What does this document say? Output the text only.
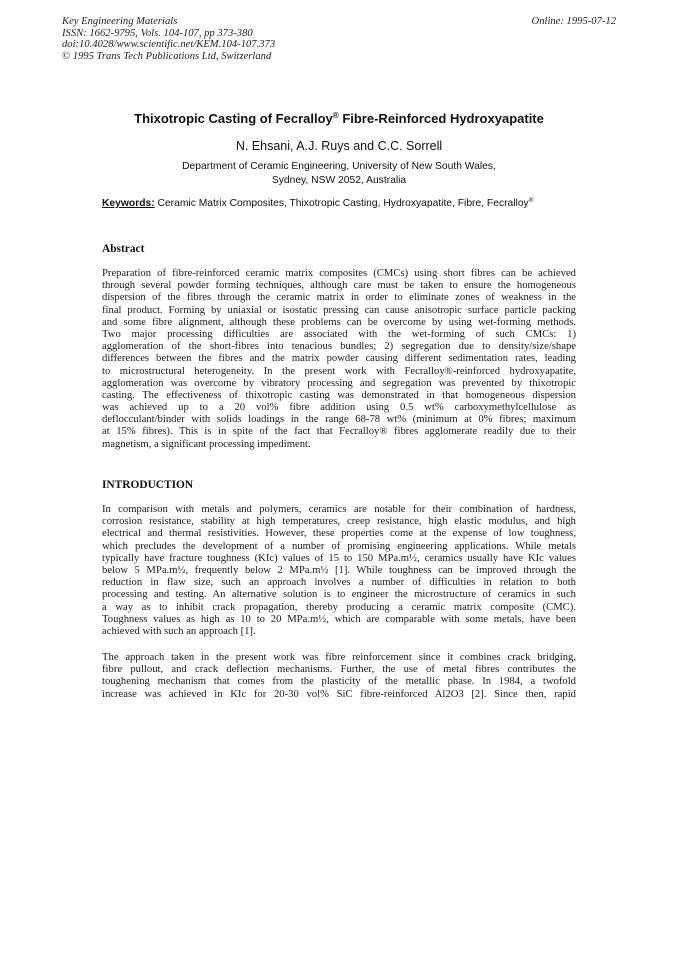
Key Engineering Materials
ISSN: 1662-9795, Vols. 104-107, pp 373-380
doi:10.4028/www.scientific.net/KEM.104-107.373
© 1995 Trans Tech Publications Ltd, Switzerland
Online: 1995-07-12
Thixotropic Casting of Fecralloy® Fibre-Reinforced Hydroxyapatite
N. Ehsani, A.J. Ruys and C.C. Sorrell
Department of Ceramic Engineering, University of New South Wales,
Sydney, NSW 2052, Australia
Keywords: Ceramic Matrix Composites, Thixotropic Casting, Hydroxyapatite, Fibre, Fecralloy®
Abstract
Preparation of fibre-reinforced ceramic matrix composites (CMCs) using short fibres can be achieved
through several powder forming techniques, although care must be taken to ensure the homogeneous
dispersion of the fibres through the ceramic matrix in order to eliminate zones of weakness in the
final product. Forming by uniaxial or isostatic pressing can cause anisotropic surface particle packing
and some fibre alignment, although these problems can be overcome by using wet-forming methods.
Two major processing difficulties are associated with the wet-forming of such CMCs: 1)
agglomeration of the short-fibres into tenacious bundles; 2) segregation due to density/size/shape
differences between the fibres and the matrix powder causing different sedimentation rates, leading
to microstructural heterogeneity. In the present work with Fecralloy®-reinforced hydroxyapatite,
agglomeration was overcome by vibratory processing and segregation was prevented by thixotropic
casting. The effectiveness of thixotropic casting was demonstrated in that homogeneous dispersion
was achieved up to a 20 vol% fibre addition using 0.5 wt% carboxymethylcellulose as
deflocculant/binder with solids loadings in the range 68-78 wt% (minimum at 0% fibres; maximum
at 15% fibres). This is in spite of the fact that Fecralloy® fibres agglomerate readily due to their
magnetism, a significant processing impediment.
INTRODUCTION
In comparison with metals and polymers, ceramics are notable for their combination of hardness,
corrosion resistance, stability at high temperatures, creep resistance, high elastic modulus, and high
electrical and thermal resistivities. However, these properties come at the expense of low toughness,
which precludes the development of a number of promising engineering applications. While metals
typically have fracture toughness (KIc) values of 15 to 150 MPa.m½, ceramics usually have KIc values
below 5 MPa.m½, frequently below 2 MPa.m½ [1]. While toughness can be improved through the
reduction in flaw size, such an approach involves a number of difficulties in relation to both
processing and testing. An alternative solution is to engineer the microstructure of ceramics in such
a way as to inhibit crack propagation, thereby producing a ceramic matrix composite (CMC).
Toughness values as high as 10 to 20 MPa.m½, which are comparable with some metals, have been
achieved with such an approach [1].
The approach taken in the present work was fibre reinforcement since it combines crack bridging,
fibre pullout, and crack deflection mechanisms. Further, the use of metal fibres contributes the
toughening mechanism that comes from the plasticity of the metallic phase. In 1984, a twofold
increase was achieved in KIc for 20-30 vol% SiC fibre-reinforced Al2O3 [2]. Since then, rapid
